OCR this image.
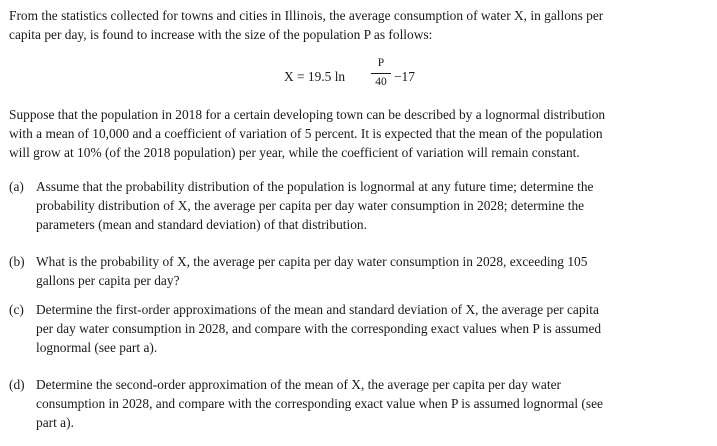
From the statistics collected for towns and cities in Illinois, the average consumption of water X, in gallons per
capita per day, is found to increase with the size of the population P as follows:

X = 19.5 ln
P
40 −17

Suppose that the population in 2018 for a certain developing town can be described by a lognormal distribution
with a mean of 10,000 and a coefficient of variation of 5 percent. It is expected that the mean of the population
will grow at 10% (of the 2018 population) per year, while the coefficient of variation will remain constant.

(a) Assume that the probability distribution of the population is lognormal at any future time; determine the
probability distribution of X, the average per capita per day water consumption in 2028; determine the
parameters (mean and standard deviation) of that distribution.
(b) What is the probability of X, the average per capita per day water consumption in 2028, exceeding 105
gallons per capita per day?
(c) Determine the first-order approximations of the mean and standard deviation of X, the average per capita
per day water consumption in 2028, and compare with the corresponding exact values when P is assumed
lognormal (see part a).
(d) Determine the second-order approximation of the mean of X, the average per capita per day water
consumption in 2028, and compare with the corresponding exact value when P is assumed lognormal (see
part a).
